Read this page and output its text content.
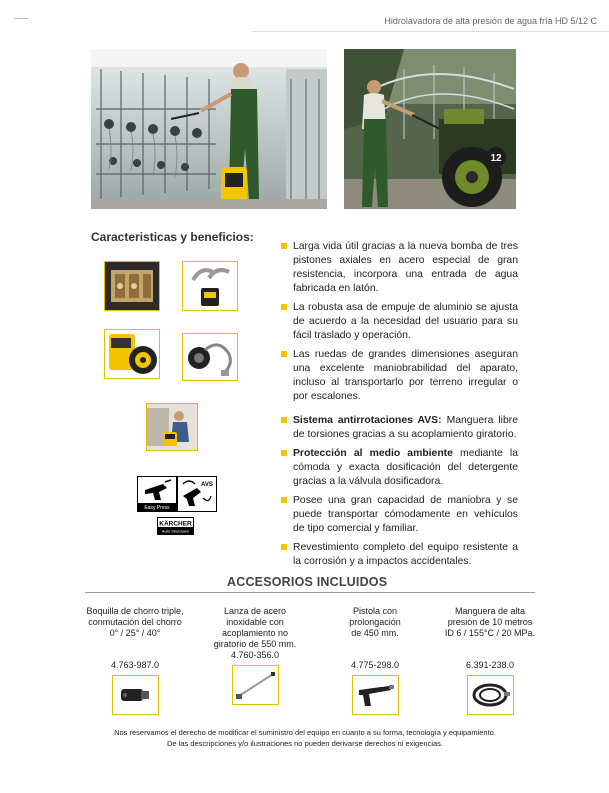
Hidrolavadora de alta presión de agua fría HD 5/12 C
12
Caracteristicas y beneficios:
Easy Press
AVS
KÄRCHER
Auto Shutdown
Larga vida útil gracias a la nueva bomba de tres pistones axiales en acero especial de gran resistencia, incorpora una entrada de agua fabricada en latón.
La robusta asa de empuje de aluminio se ajusta de acuerdo a la necesidad del usuario para su fácil traslado y operación.
Las ruedas de grandes dimensiones aseguran una excelente maniobrabilidad del aparato, incluso al transportarlo por terreno irregular o por escalones.
Sistema antirrotaciones AVS: Manguera libre de torsiones gracias a su acoplamiento giratorio.
Protección al medio ambiente mediante la cómoda y exacta dosificación del detergente gracias a la válvula dosificadora.
Posee una gran capacidad de maniobra y se puede transportar cómodamente en vehículos de tipo comercial y familiar.
Revestimiento completo del equipo resistente a la corrosión y a impactos accidentales.
ACCESORIOS INCLUIDOS
Boquilla de chorro triple,
conmutación del chorro
0° / 25° / 40°
4.763-987.0
Lanza de acero
inoxidable con
acoplamiento no
giratorio de 550 mm.
4.760-356.0
Pistola con
prolongación
de 450 mm.
4.775-298.0
Manguera de alta
presión de 10 metros
ID 6 / 155°C / 20 MPa.
6.391-238.0
Nos reservamos el derecho de modificar el suministro del equipo en cuanto a su forma, tecnología y equipamiento.
De las descripciones y/o ilustraciones no pueden derivarse derechos ni exigencias.
